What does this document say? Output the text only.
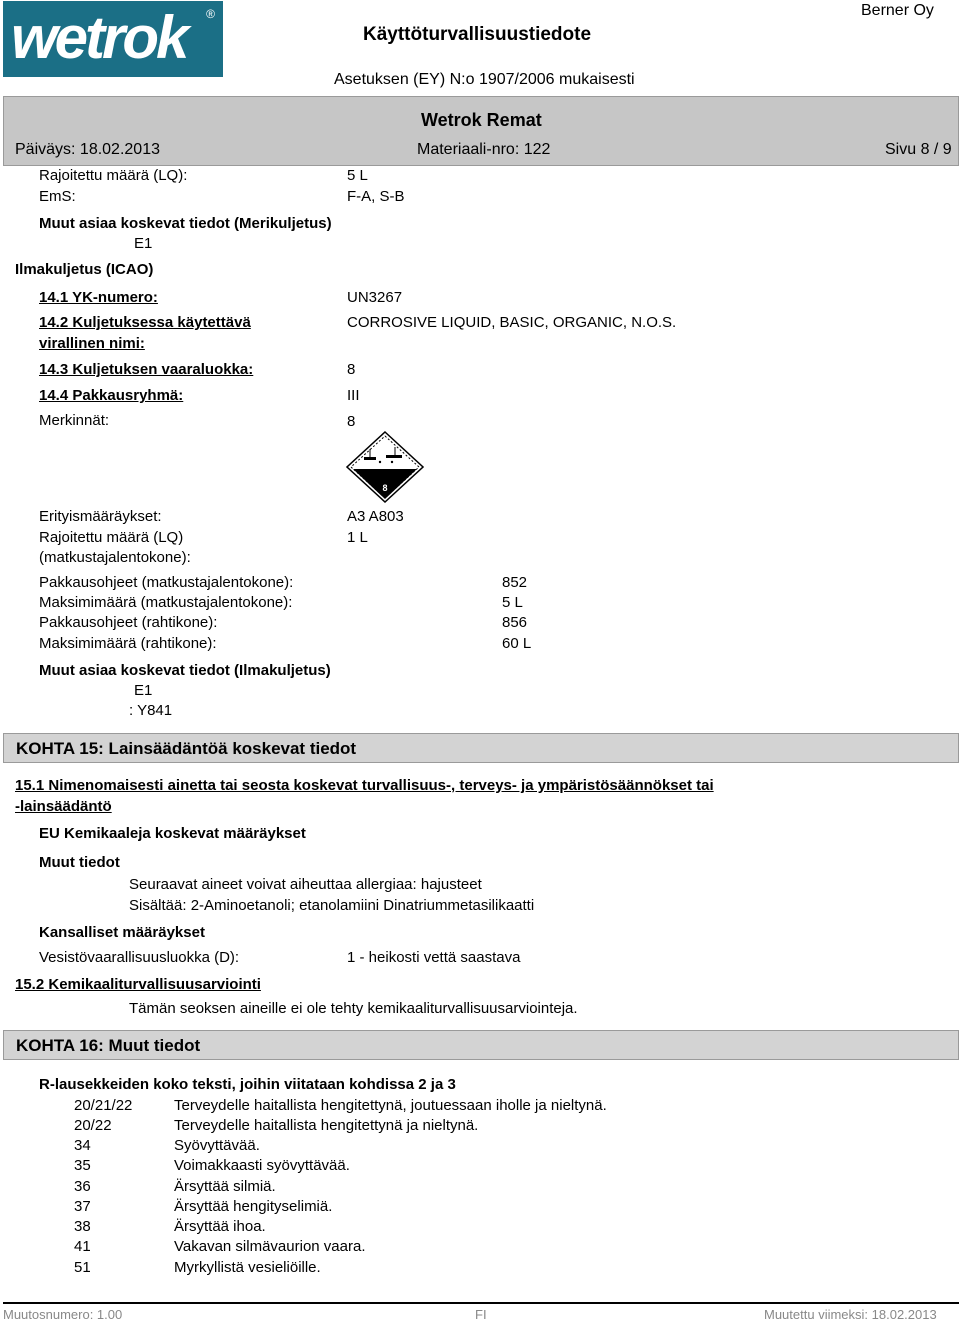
wetrok ®	Berner Oy
Käyttöturvallisuustiedote
Asetuksen (EY) N:o 1907/2006 mukaisesti
Wetrok Remat
Päiväys: 18.02.2013	Materiaali-nro: 122	Sivu 8 / 9
Rajoitettu määrä (LQ):	5 L
EmS:	F-A, S-B
Muut asiaa koskevat tiedot (Merikuljetus)
E1
Ilmakuljetus (ICAO)
14.1 YK-numero:	UN3267
14.2 Kuljetuksessa käytettävä
virallinen nimi:
CORROSIVE LIQUID, BASIC, ORGANIC, N.O.S.
14.3 Kuljetuksen vaaraluokka:	8
14.4 Pakkausryhmä:	III
Merkinnät:	8
8
Erityismääräykset:	A3 A803
Rajoitettu määrä (LQ)
(matkustajalentokone):
1 L
Pakkausohjeet (matkustajalentokone):	852
Maksimimäärä (matkustajalentokone):	5 L
Pakkausohjeet (rahtikone):	856
Maksimimäärä (rahtikone):	60 L
Muut asiaa koskevat tiedot (Ilmakuljetus)
E1
: Y841
KOHTA 15: Lainsäädäntöä koskevat tiedot
15.1 Nimenomaisesti ainetta tai seosta koskevat turvallisuus-, terveys- ja ympäristösäännökset tai
-lainsäädäntö
EU Kemikaaleja koskevat määräykset
Muut tiedot
Seuraavat aineet voivat aiheuttaa allergiaa: hajusteet
Sisältää: 2-Aminoetanoli; etanolamiini Dinatriummetasilikaatti
Kansalliset määräykset
Vesistövaarallisuusluokka (D):	1 - heikosti vettä saastava
15.2 Kemikaaliturvallisuusarviointi
Tämän seoksen aineille ei ole tehty kemikaaliturvallisuusarviointeja.
KOHTA 16: Muut tiedot
R-lausekkeiden koko teksti, joihin viitataan kohdissa 2 ja 3
20/21/22	Terveydelle haitallista hengitettynä, joutuessaan iholle ja nieltynä.
20/22	Terveydelle haitallista hengitettynä ja nieltynä.
34	Syövyttävää.
35	Voimakkaasti syövyttävää.
36	Ärsyttää silmiä.
37	Ärsyttää hengityselimiä.
38	Ärsyttää ihoa.
41	Vakavan silmävaurion vaara.
51	Myrkyllistä vesieliöille.
Muutosnumero: 1.00	FI	Muutettu viimeksi: 18.02.2013
